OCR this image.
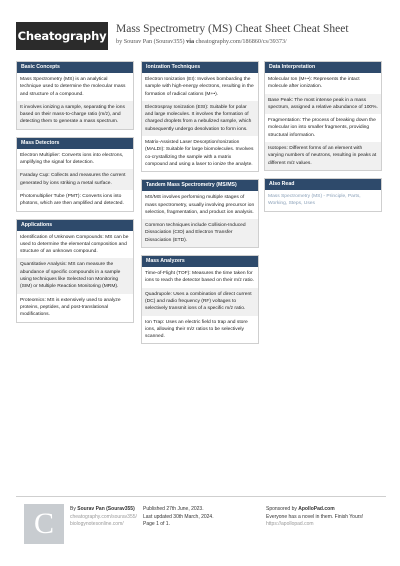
Cheatography Mass Spectrometry (MS) Cheat Sheet Cheat Sheet
by Sourav Pan (Sourav355) via cheatography.com/186860/cs/39373/
Basic Concepts
Mass Spectrometry (MS) is an analytical technique used to determine the molecular mass and structure of a compound.
It involves ionizing a sample, separating the ions based on their mass-to-charge ratio (m/z), and detecting them to generate a mass spectrum.
Mass Detectors
Electron Multiplier: Converts ions into electrons, amplifying the signal for detection.
Faraday Cup: Collects and measures the current generated by ions striking a metal surface.
Photomultiplier Tube (PMT): Converts ions into photons, which are then amplified and detected.
Applications
Identification of Unknown Compounds: MS can be used to determine the elemental composition and structure of an unknown compound.
Quantitative Analysis: MS can measure the abundance of specific compounds in a sample using techniques like Selected Ion Monitoring (SIM) or Multiple Reaction Monitoring (MRM).
Proteomics: MS is extensively used to analyze proteins, peptides, and post-translational modifications.
Ionization Techniques
Electron Ionization (EI): Involves bombarding the sample with high-energy electrons, resulting in the formation of radical cations (M+•).
Electrospray Ionization (ESI): Suitable for polar and large molecules. It involves the formation of charged droplets from a nebulized sample, which subsequently undergo desolvation to form ions.
Matrix-Assisted Laser Desorption/Ionization (MALDI): Suitable for large biomolecules. Involves co-crystallizing the sample with a matrix compound and using a laser to ionize the analyte.
Tandem Mass Spectrometry (MS/MS)
MS/MS involves performing multiple stages of mass spectrometry, usually involving precursor ion selection, fragmentation, and product ion analysis.
Common techniques include Collision-Induced Dissociation (CID) and Electron Transfer Dissociation (ETD).
Mass Analyzers
Time-of-Flight (TOF): Measures the time taken for ions to reach the detector based on their m/z ratio.
Quadrupole: Uses a combination of direct current (DC) and radio frequency (RF) voltages to selectively transmit ions of a specific m/z ratio.
Ion Trap: Uses an electric field to trap and store ions, allowing their m/z ratios to be selectively scanned.
Data Interpretation
Molecular Ion (M+•): Represents the intact molecule after ionization.
Base Peak: The most intense peak in a mass spectrum, assigned a relative abundance of 100%.
Fragmentation: The process of breaking down the molecular ion into smaller fragments, providing structural information.
Isotopes: Different forms of an element with varying numbers of neutrons, resulting in peaks at different m/z values.
Also Read
Mass Spectrometry (MS) - Principle, Parts, Working, Steps, Uses
C	By Sourav Pan (Sourav355)
cheatography.com/sourav355/
biologynotesonline.com/
Published 27th June, 2023.
Last updated 30th March, 2024.
Page 1 of 1.
Sponsored by ApolloPad.com
Everyone has a novel in them. Finish Yours!
https://apollopad.com
